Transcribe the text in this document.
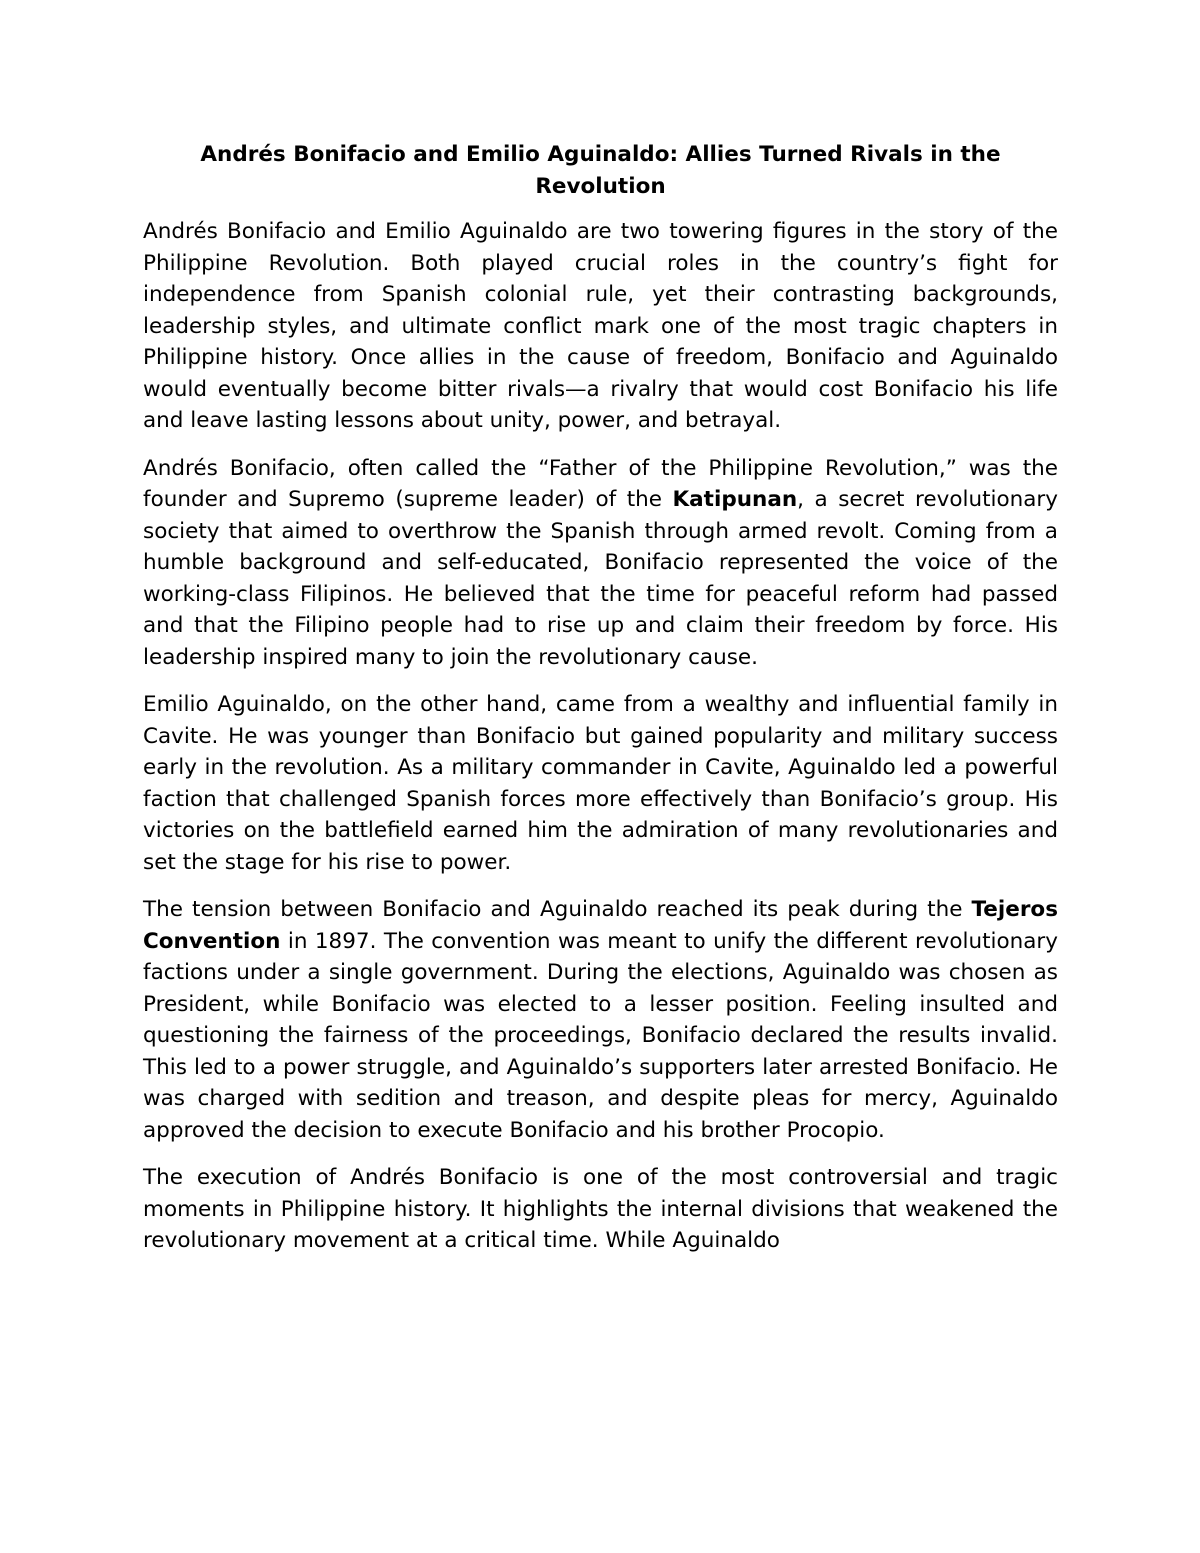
Andrés Bonifacio and Emilio Aguinaldo: Allies Turned Rivals in the Revolution

Andrés Bonifacio and Emilio Aguinaldo are two towering figures in the story of the Philippine Revolution. Both played crucial roles in the country’s fight for independence from Spanish colonial rule, yet their contrasting backgrounds, leadership styles, and ultimate conflict mark one of the most tragic chapters in Philippine history. Once allies in the cause of freedom, Bonifacio and Aguinaldo would eventually become bitter rivals—a rivalry that would cost Bonifacio his life and leave lasting lessons about unity, power, and betrayal.

Andrés Bonifacio, often called the “Father of the Philippine Revolution,” was the founder and Supremo (supreme leader) of the Katipunan, a secret revolutionary society that aimed to overthrow the Spanish through armed revolt. Coming from a humble background and self-educated, Bonifacio represented the voice of the working-class Filipinos. He believed that the time for peaceful reform had passed and that the Filipino people had to rise up and claim their freedom by force. His leadership inspired many to join the revolutionary cause.

Emilio Aguinaldo, on the other hand, came from a wealthy and influential family in Cavite. He was younger than Bonifacio but gained popularity and military success early in the revolution. As a military commander in Cavite, Aguinaldo led a powerful faction that challenged Spanish forces more effectively than Bonifacio’s group. His victories on the battlefield earned him the admiration of many revolutionaries and set the stage for his rise to power.

The tension between Bonifacio and Aguinaldo reached its peak during the Tejeros Convention in 1897. The convention was meant to unify the different revolutionary factions under a single government. During the elections, Aguinaldo was chosen as President, while Bonifacio was elected to a lesser position. Feeling insulted and questioning the fairness of the proceedings, Bonifacio declared the results invalid. This led to a power struggle, and Aguinaldo’s supporters later arrested Bonifacio. He was charged with sedition and treason, and despite pleas for mercy, Aguinaldo approved the decision to execute Bonifacio and his brother Procopio.

The execution of Andrés Bonifacio is one of the most controversial and tragic moments in Philippine history. It highlights the internal divisions that weakened the revolutionary movement at a critical time. While Aguinaldo
